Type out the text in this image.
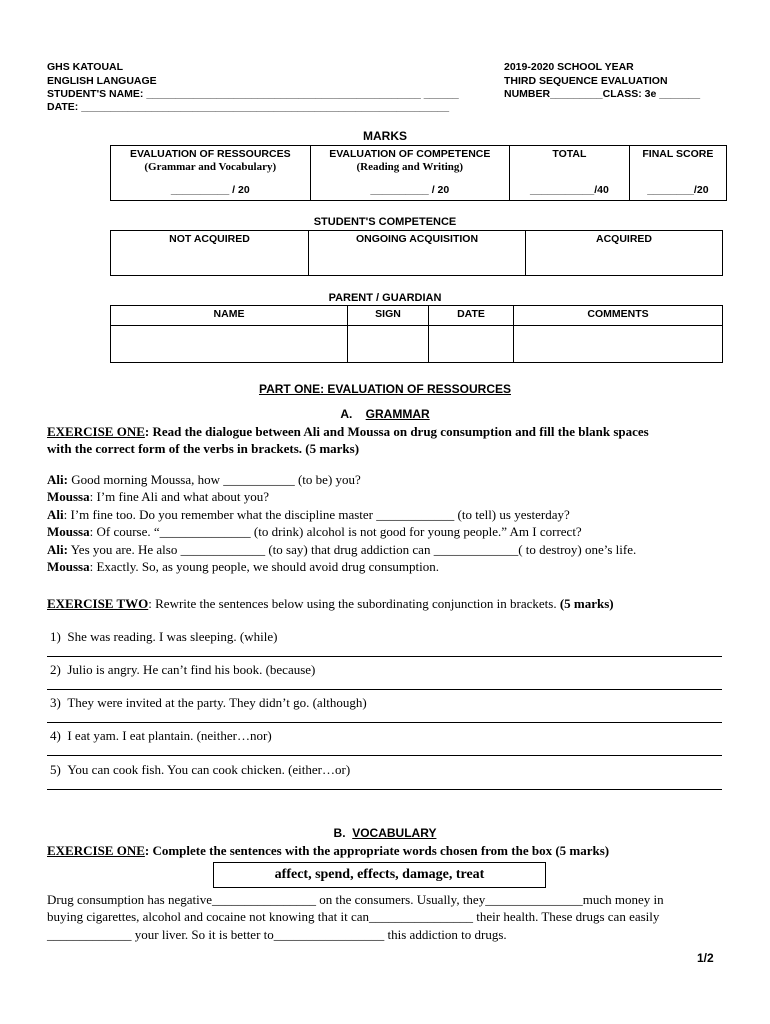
GHS KATOUAL
ENGLISH LANGUAGE
STUDENT'S NAME: _______________________________________________ ______
DATE: _______________________________________________________________
2019-2020 SCHOOL YEAR
THIRD SEQUENCE EVALUATION
NUMBER_________CLASS: 3e _______
MARKS
EVALUATION OF RESSOURCES
(Grammar and Vocabulary)
__________ / 20
	EVALUATION OF COMPETENCE
(Reading and Writing)
__________ / 20
	TOTAL
___________/40
	FINAL SCORE
________/20
STUDENT'S COMPETENCE
NOT ACQUIRED	ONGOING ACQUISITION	ACQUIRED
PARENT / GUARDIAN
NAME	SIGN	DATE	COMMENTS

PART ONE: EVALUATION OF RESSOURCES
A. GRAMMAR
EXERCISE ONE: Read the dialogue between Ali and Moussa on drug consumption and fill the blank spaces
with the correct form of the verbs in brackets. (5 marks)
Ali: Good morning Moussa, how ___________ (to be) you?
Moussa: I’m fine Ali and what about you?
Ali: I’m fine too. Do you remember what the discipline master ____________ (to tell) us yesterday?
Moussa: Of course. “______________ (to drink) alcohol is not good for young people.” Am I correct?
Ali: Yes you are. He also _____________ (to say) that drug addiction can _____________( to destroy) one’s life.
Moussa: Exactly. So, as young people, we should avoid drug consumption.
EXERCISE TWO: Rewrite the sentences below using the subordinating conjunction in brackets. (5 marks)
1) She was reading. I was sleeping. (while)
2) Julio is angry. He can’t find his book. (because)
3) They were invited at the party. They didn’t go. (although)
4) I eat yam. I eat plantain. (neither…nor)
5) You can cook fish. You can cook chicken. (either…or)
B. VOCABULARY
EXERCISE ONE: Complete the sentences with the appropriate words chosen from the box (5 marks)
affect, spend, effects, damage, treat
Drug consumption has negative________________ on the consumers. Usually, they_______________much money in
buying cigarettes, alcohol and cocaine not knowing that it can________________ their health. These drugs can easily
_____________ your liver. So it is better to_________________ this addiction to drugs.
1/2
